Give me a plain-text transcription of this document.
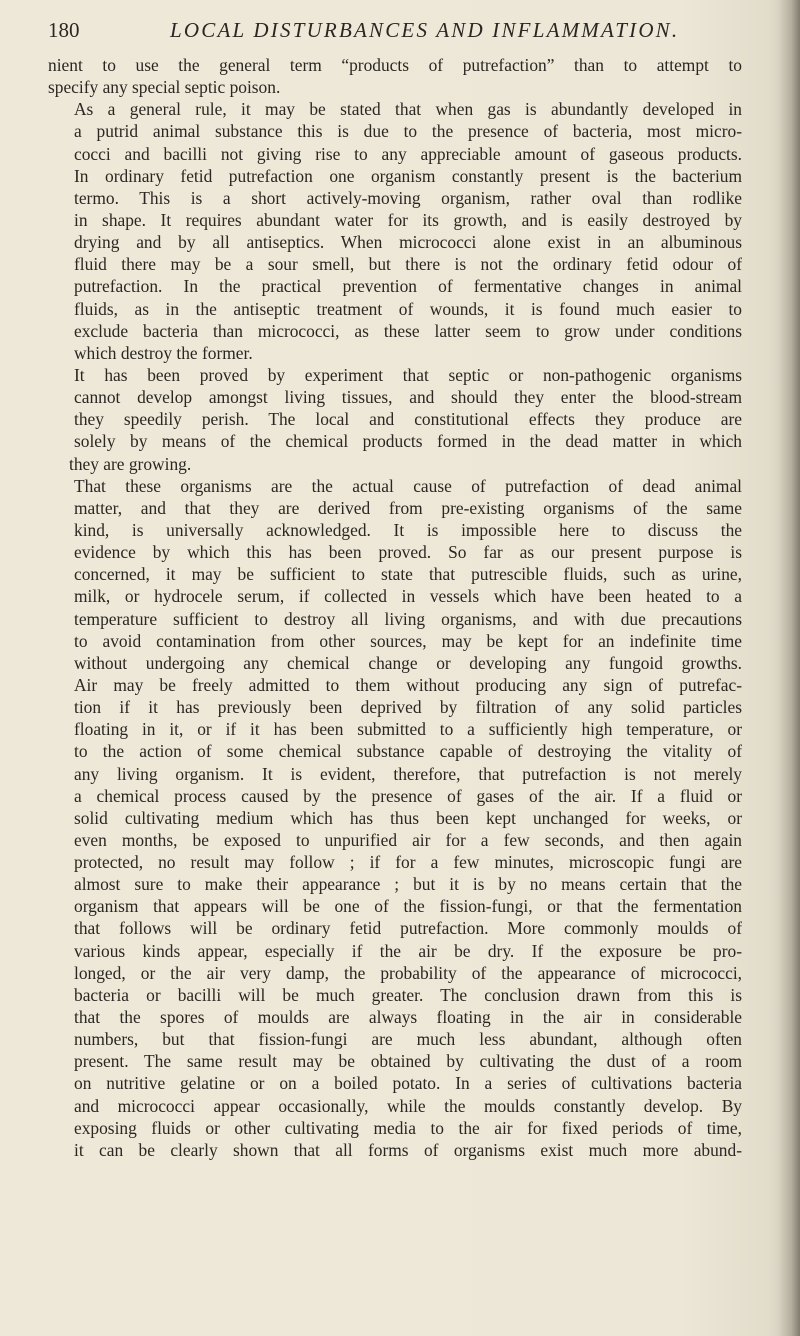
180	LOCAL DISTURBANCES AND INFLAMMATION.
nient to use the general term “products of putrefaction” than to attempt to
specify any special septic poison.
As a general rule, it may be stated that when gas is abundantly developed in
a putrid animal substance this is due to the presence of bacteria, most micro-
cocci and bacilli not giving rise to any appreciable amount of gaseous products.
In ordinary fetid putrefaction one organism constantly present is the bacterium
termo. This is a short actively-moving organism, rather oval than rodlike
in shape. It requires abundant water for its growth, and is easily destroyed by
drying and by all antiseptics. When micrococci alone exist in an albuminous
fluid there may be a sour smell, but there is not the ordinary fetid odour of
putrefaction. In the practical prevention of fermentative changes in animal
fluids, as in the antiseptic treatment of wounds, it is found much easier to
exclude bacteria than micrococci, as these latter seem to grow under conditions
which destroy the former.
It has been proved by experiment that septic or non-pathogenic organisms
cannot develop amongst living tissues, and should they enter the blood-stream
they speedily perish. The local and constitutional effects they produce are
solely by means of the chemical products formed in the dead matter in which
they are growing.
That these organisms are the actual cause of putrefaction of dead animal
matter, and that they are derived from pre-existing organisms of the same
kind, is universally acknowledged. It is impossible here to discuss the
evidence by which this has been proved. So far as our present purpose is
concerned, it may be sufficient to state that putrescible fluids, such as urine,
milk, or hydrocele serum, if collected in vessels which have been heated to a
temperature sufficient to destroy all living organisms, and with due precautions
to avoid contamination from other sources, may be kept for an indefinite time
without undergoing any chemical change or developing any fungoid growths.
Air may be freely admitted to them without producing any sign of putrefac-
tion if it has previously been deprived by filtration of any solid particles
floating in it, or if it has been submitted to a sufficiently high temperature, or
to the action of some chemical substance capable of destroying the vitality of
any living organism. It is evident, therefore, that putrefaction is not merely
a chemical process caused by the presence of gases of the air. If a fluid or
solid cultivating medium which has thus been kept unchanged for weeks, or
even months, be exposed to unpurified air for a few seconds, and then again
protected, no result may follow ; if for a few minutes, microscopic fungi are
almost sure to make their appearance ; but it is by no means certain that the
organism that appears will be one of the fission-fungi, or that the fermentation
that follows will be ordinary fetid putrefaction. More commonly moulds of
various kinds appear, especially if the air be dry. If the exposure be pro-
longed, or the air very damp, the probability of the appearance of micrococci,
bacteria or bacilli will be much greater. The conclusion drawn from this is
that the spores of moulds are always floating in the air in considerable
numbers, but that fission-fungi are much less abundant, although often
present. The same result may be obtained by cultivating the dust of a room
on nutritive gelatine or on a boiled potato. In a series of cultivations bacteria
and micrococci appear occasionally, while the moulds constantly develop. By
exposing fluids or other cultivating media to the air for fixed periods of time,
it can be clearly shown that all forms of organisms exist much more abund-
